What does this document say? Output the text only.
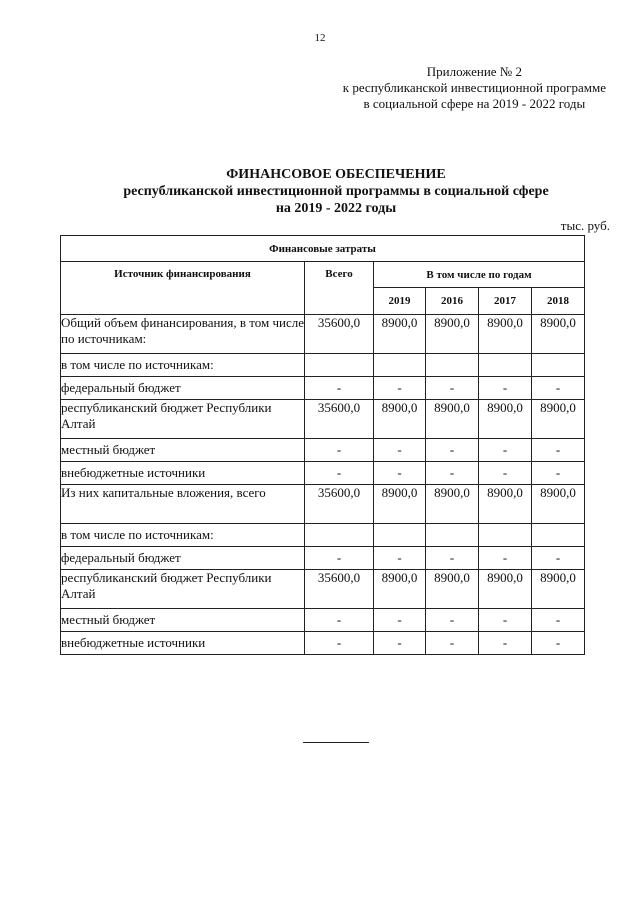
12
Приложение № 2
к республиканской инвестиционной программе
в социальной сфере на 2019 - 2022 годы
ФИНАНСОВОЕ ОБЕСПЕЧЕНИЕ
республиканской инвестиционной программы в социальной сфере
на 2019 - 2022 годы
тыс. руб.
Финансовые затраты					
Источник финансирования	Всего	В том числе по годам			
		2019	2016	2017	2018
Общий объем финансирования, в том числе по источникам:	35600,0	8900,0	8900,0	8900,0	8900,0
в том числе по источникам:					
федеральный бюджет	-	-	-	-	-
республиканский бюджет Республики Алтай	35600,0	8900,0	8900,0	8900,0	8900,0
местный бюджет	-	-	-	-	-
внебюджетные источники	-	-	-	-	-
Из них капитальные вложения, всего	35600,0	8900,0	8900,0	8900,0	8900,0
в том числе по источникам:					
федеральный бюджет	-	-	-	-	-
республиканский бюджет Республики Алтай	35600,0	8900,0	8900,0	8900,0	8900,0
местный бюджет	-	-	-	-	-
внебюджетные источники	-	-	-	-	-
